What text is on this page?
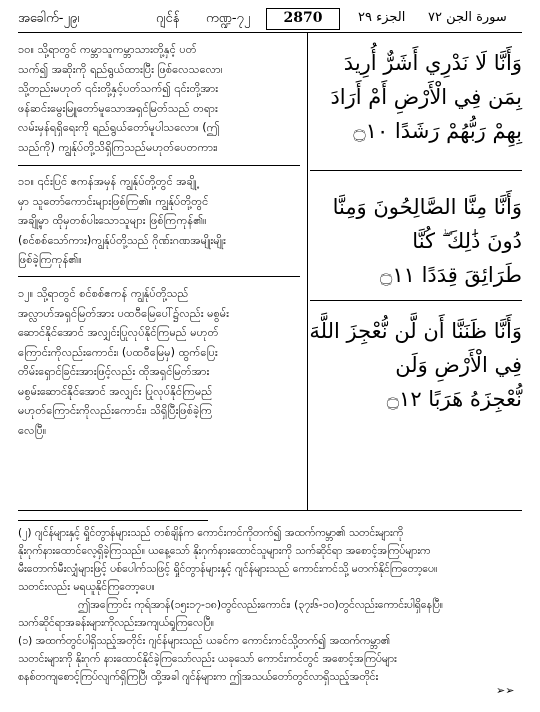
အခေါက်-၂၉၊	ဂျင်န် ကဏ္ဍ-၇၂	2870	الجزء ٢٩ سورة الجن ٧٢
၁၀။ သို့ရာတွင် ကမ္ဘာသူကမ္ဘာသားတို့နှင့် ပတ်
သက်၍ အဆိုးကို ရည်ရွယ်ထားပြီး ဖြစ်လေသလော၊
သို့တည်းမဟုတ် ၎င်းတို့နှင့်ပတ်သက်၍ ၎င်းတို့အား
ဖန်ဆင်းမွေးမြူတော်မူသောအရှင်မြတ်သည် တရား
လမ်းမှန်ရရှိရေးကို ရည်ရွယ်တော်မူပါသလော။ (ဤ
သည်ကို) ကျွန်ုပ်တို့သိရှိကြသည်မဟုတ်ပေတကား၊
၁၁။ ၎င်းပြင် ဧကန်အမှန် ကျွန်ုပ်တို့တွင် အချို့
မှာ သူတော်ကောင်းများဖြစ်ကြ၏။ ကျွန်ုပ်တို့တွင်
အချို့မှာ ထိုမှတစ်ပါးသောသူများ ဖြစ်ကြကုန်၏။
(စင်စစ်သော်ကား)ကျွန်ုပ်တို့သည် ဂိုဏ်းဂဏအမျိုးမျိုး
ဖြစ်ခဲ့ကြကုန်၏။
၁၂။ သို့ရာတွင် စင်စစ်ဧကန် ကျွန်ုပ်တို့သည်
အလ္လာဟ်အရှင်မြတ်အား ပထဝီမြေပေါ်၌လည်း မစွမ်း
ဆောင်နိုင်အောင် အလျှင်းပြုလုပ်နိုင်ကြမည် မဟုတ်
ကြောင်းကိုလည်းကောင်း၊ (ပထဝီမြေမှ) ထွက်ပြေး
တိမ်းရှောင်ခြင်းအားဖြင့်လည်း ထိုအရှင်မြတ်အား
မစွမ်းဆောင်နိုင်အောင် အလျှင်း ပြုလုပ်နိုင်ကြမည်
မဟုတ်ကြောင်းကိုလည်းကောင်း၊ သိရှိပြီးဖြစ်ခဲ့ကြ
လေပြီ။
وَأَنَّا لَا نَدْرِي أَشَرٌّ أُرِيدَ
بِمَن فِي الْأَرْضِ أَمْ أَرَادَ
بِهِمْ رَبُّهُمْ رَشَدًا ۝١٠
وَأَنَّا مِنَّا الصَّالِحُونَ وَمِنَّا
دُونَ ذَٰلِكَ ۖ كُنَّا
طَرَائِقَ قِدَدًا ۝١١
وَأَنَّا ظَنَنَّا أَن لَّن نُّعْجِزَ اللَّهَ
فِي الْأَرْضِ وَلَن
نُّعْجِزَهُ هَرَبًا ۝١٢
(၂) ဂျင်န်များနှင့် ရှိုင်တွာန်များသည် တစ်ချိန်က ကောင်းကင်ကိုတက်၍ အထက်ကမ္ဘာ၏ သတင်းများကို
နိုးဂုက်နားထောင်လေ့ရှိခဲ့ကြသည်။ ယနေ့သော် နိုးဂုက်နားထောင်သူများကို သက်ဆိုင်ရာ အစောင့်အကြပ်များက
မီးတောက်မီးလျှံများဖြင့် ပစ်ပေါက်သဖြင့် ရှိုင်တွာန်များနှင့် ဂျင်န်များသည် ကောင်းကင်သို့ မတက်နိုင်ကြတော့ပေ။
သတင်းလည်း မရယူနိုင်ကြတော့ပေ။
ဤအကြောင်း ကုရ်အာန်(၁၅း၁၇-၁၈)တွင်လည်းကောင်း၊ (၃၇း၆-၁၀)တွင်လည်းကောင်းပါရှိနေပြီ။
သက်ဆိုင်ရာအခန်းများကိုလည်းအကျယ်ရှုကြလေပြီ။
(၁) အထက်တွင်ပါရှိသည့်အတိုင်း ဂျင်န်များသည် ယခင်က ကောင်းကင်သို့တက်၍ အထက်ကမ္ဘာ၏
သတင်းများကို နိုးဂုက် နားထောင်နိုင်ခဲ့ကြသော်လည်း ယခုသော် ကောင်းကင်တွင် အစောင့်အကြပ်များ
စနစ်တကျစောင့်ကြပ်လျက်ရှိကြပြီ၊ ထို့အခါ ဂျင်န်များက ဤအသယ်တော်တွင်လာရှိသည့်အတိုင်း
➢➢
